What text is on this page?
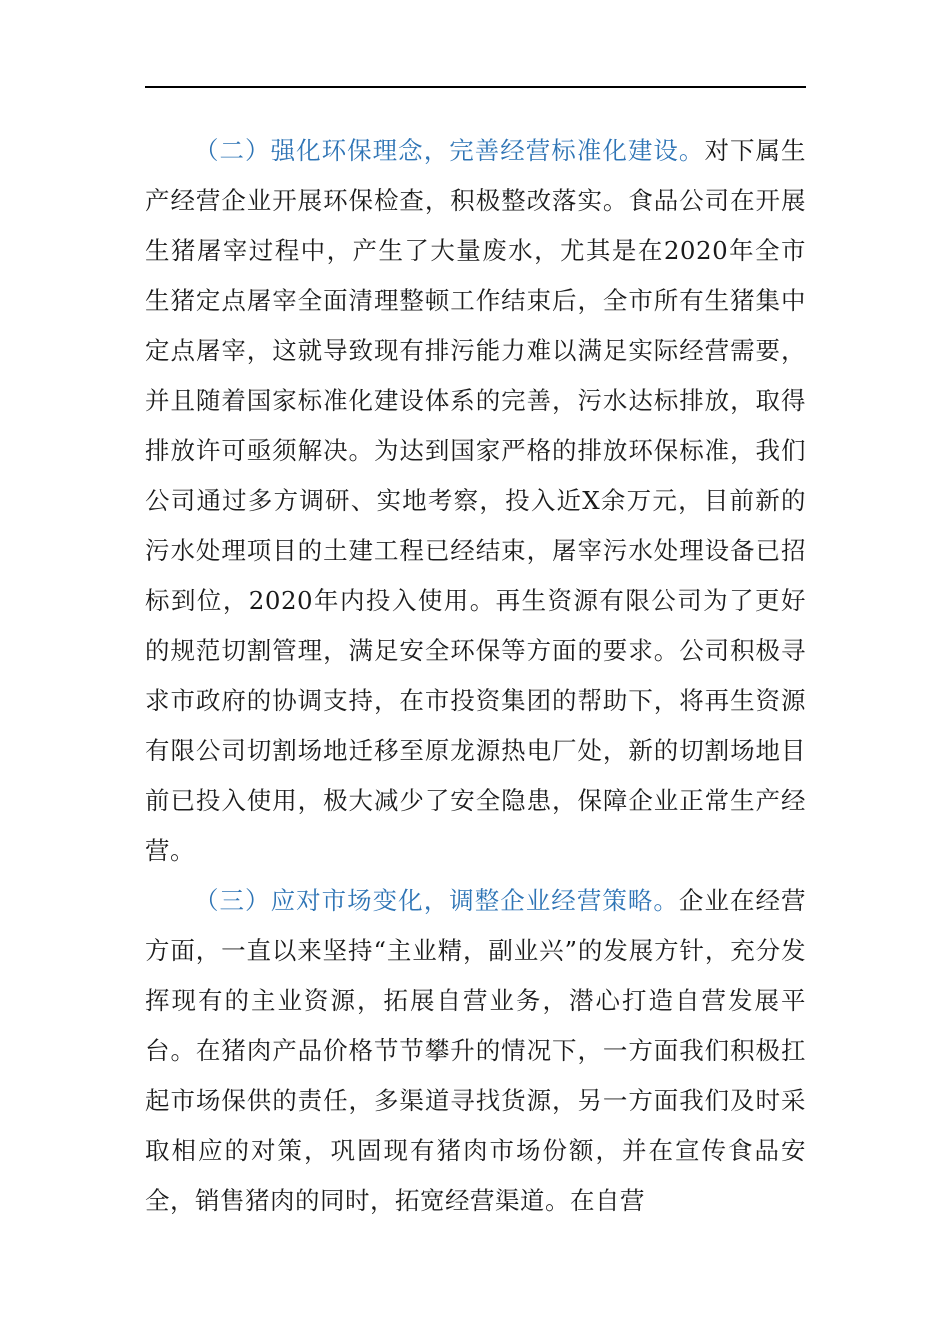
（二）强化环保理念，完善经营标准化建设。对下属生产经营企业开展环保检查，积极整改落实。食品公司在开展生猪屠宰过程中，产生了大量废水，尤其是在2020年全市生猪定点屠宰全面清理整顿工作结束后，全市所有生猪集中定点屠宰，这就导致现有排污能力难以满足实际经营需要，并且随着国家标准化建设体系的完善，污水达标排放，取得排放许可亟须解决。为达到国家严格的排放环保标准，我们公司通过多方调研、实地考察，投入近X余万元，目前新的污水处理项目的土建工程已经结束，屠宰污水处理设备已招标到位，2020年内投入使用。再生资源有限公司为了更好的规范切割管理，满足安全环保等方面的要求。公司积极寻求市政府的协调支持，在市投资集团的帮助下，将再生资源有限公司切割场地迁移至原龙源热电厂处，新的切割场地目前已投入使用，极大减少了安全隐患，保障企业正常生产经营。

（三）应对市场变化，调整企业经营策略。企业在经营方面，一直以来坚持“主业精，副业兴”的发展方针，充分发挥现有的主业资源，拓展自营业务，潜心打造自营发展平台。在猪肉产品价格节节攀升的情况下，一方面我们积极扛起市场保供的责任，多渠道寻找货源，另一方面我们及时采取相应的对策，巩固现有猪肉市场份额，并在宣传食品安全，销售猪肉的同时，拓宽经营渠道。在自营
